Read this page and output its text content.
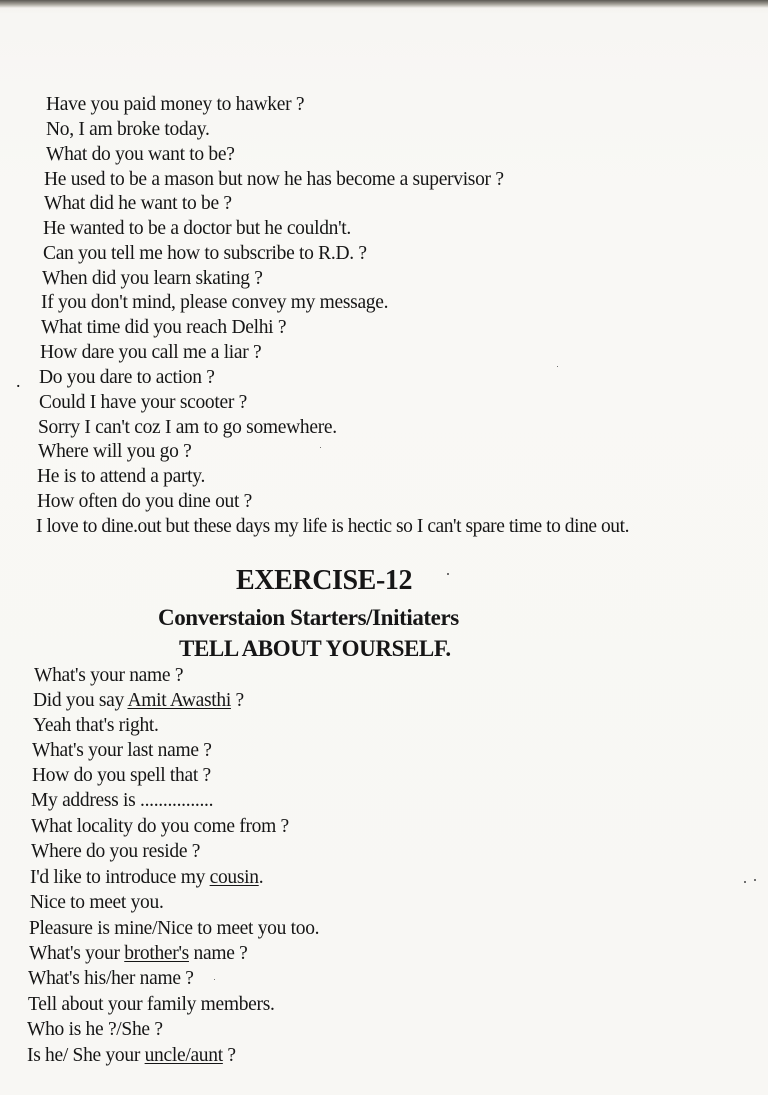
Have you paid money to hawker ?
No, I am broke today.
What do you want to be?
He used to be a mason but now he has become a supervisor ?
What did he want to be ?
He wanted to be a doctor but he couldn't.
Can you tell me how to subscribe to R.D. ?
When did you learn skating ?
If you don't mind, please convey my message.
What time did you reach Delhi ?
How dare you call me a liar ?
. Do you dare to action ?
Could I have your scooter ?
Sorry I can't coz I am to go somewhere.
Where will you go ?
He is to attend a party.
How often do you dine out ?
I love to dine.out but these days my life is hectic so I can't spare time to dine out.
EXERCISE-12
Converstaion Starters/Initiaters
TELL ABOUT YOURSELF.
What's your name ?
Did you say Amit Awasthi ?
Yeah that's right.
What's your last name ?
How do you spell that ?
My address is ................
What locality do you come from ?
Where do you reside ?
I'd like to introduce my cousin.
Nice to meet you.
Pleasure is mine/Nice to meet you too.
What's your brother's name ?
What's his/her name ?
Tell about your family members.
Who is he ?/She ?
Is he/ She your uncle/aunt ?
